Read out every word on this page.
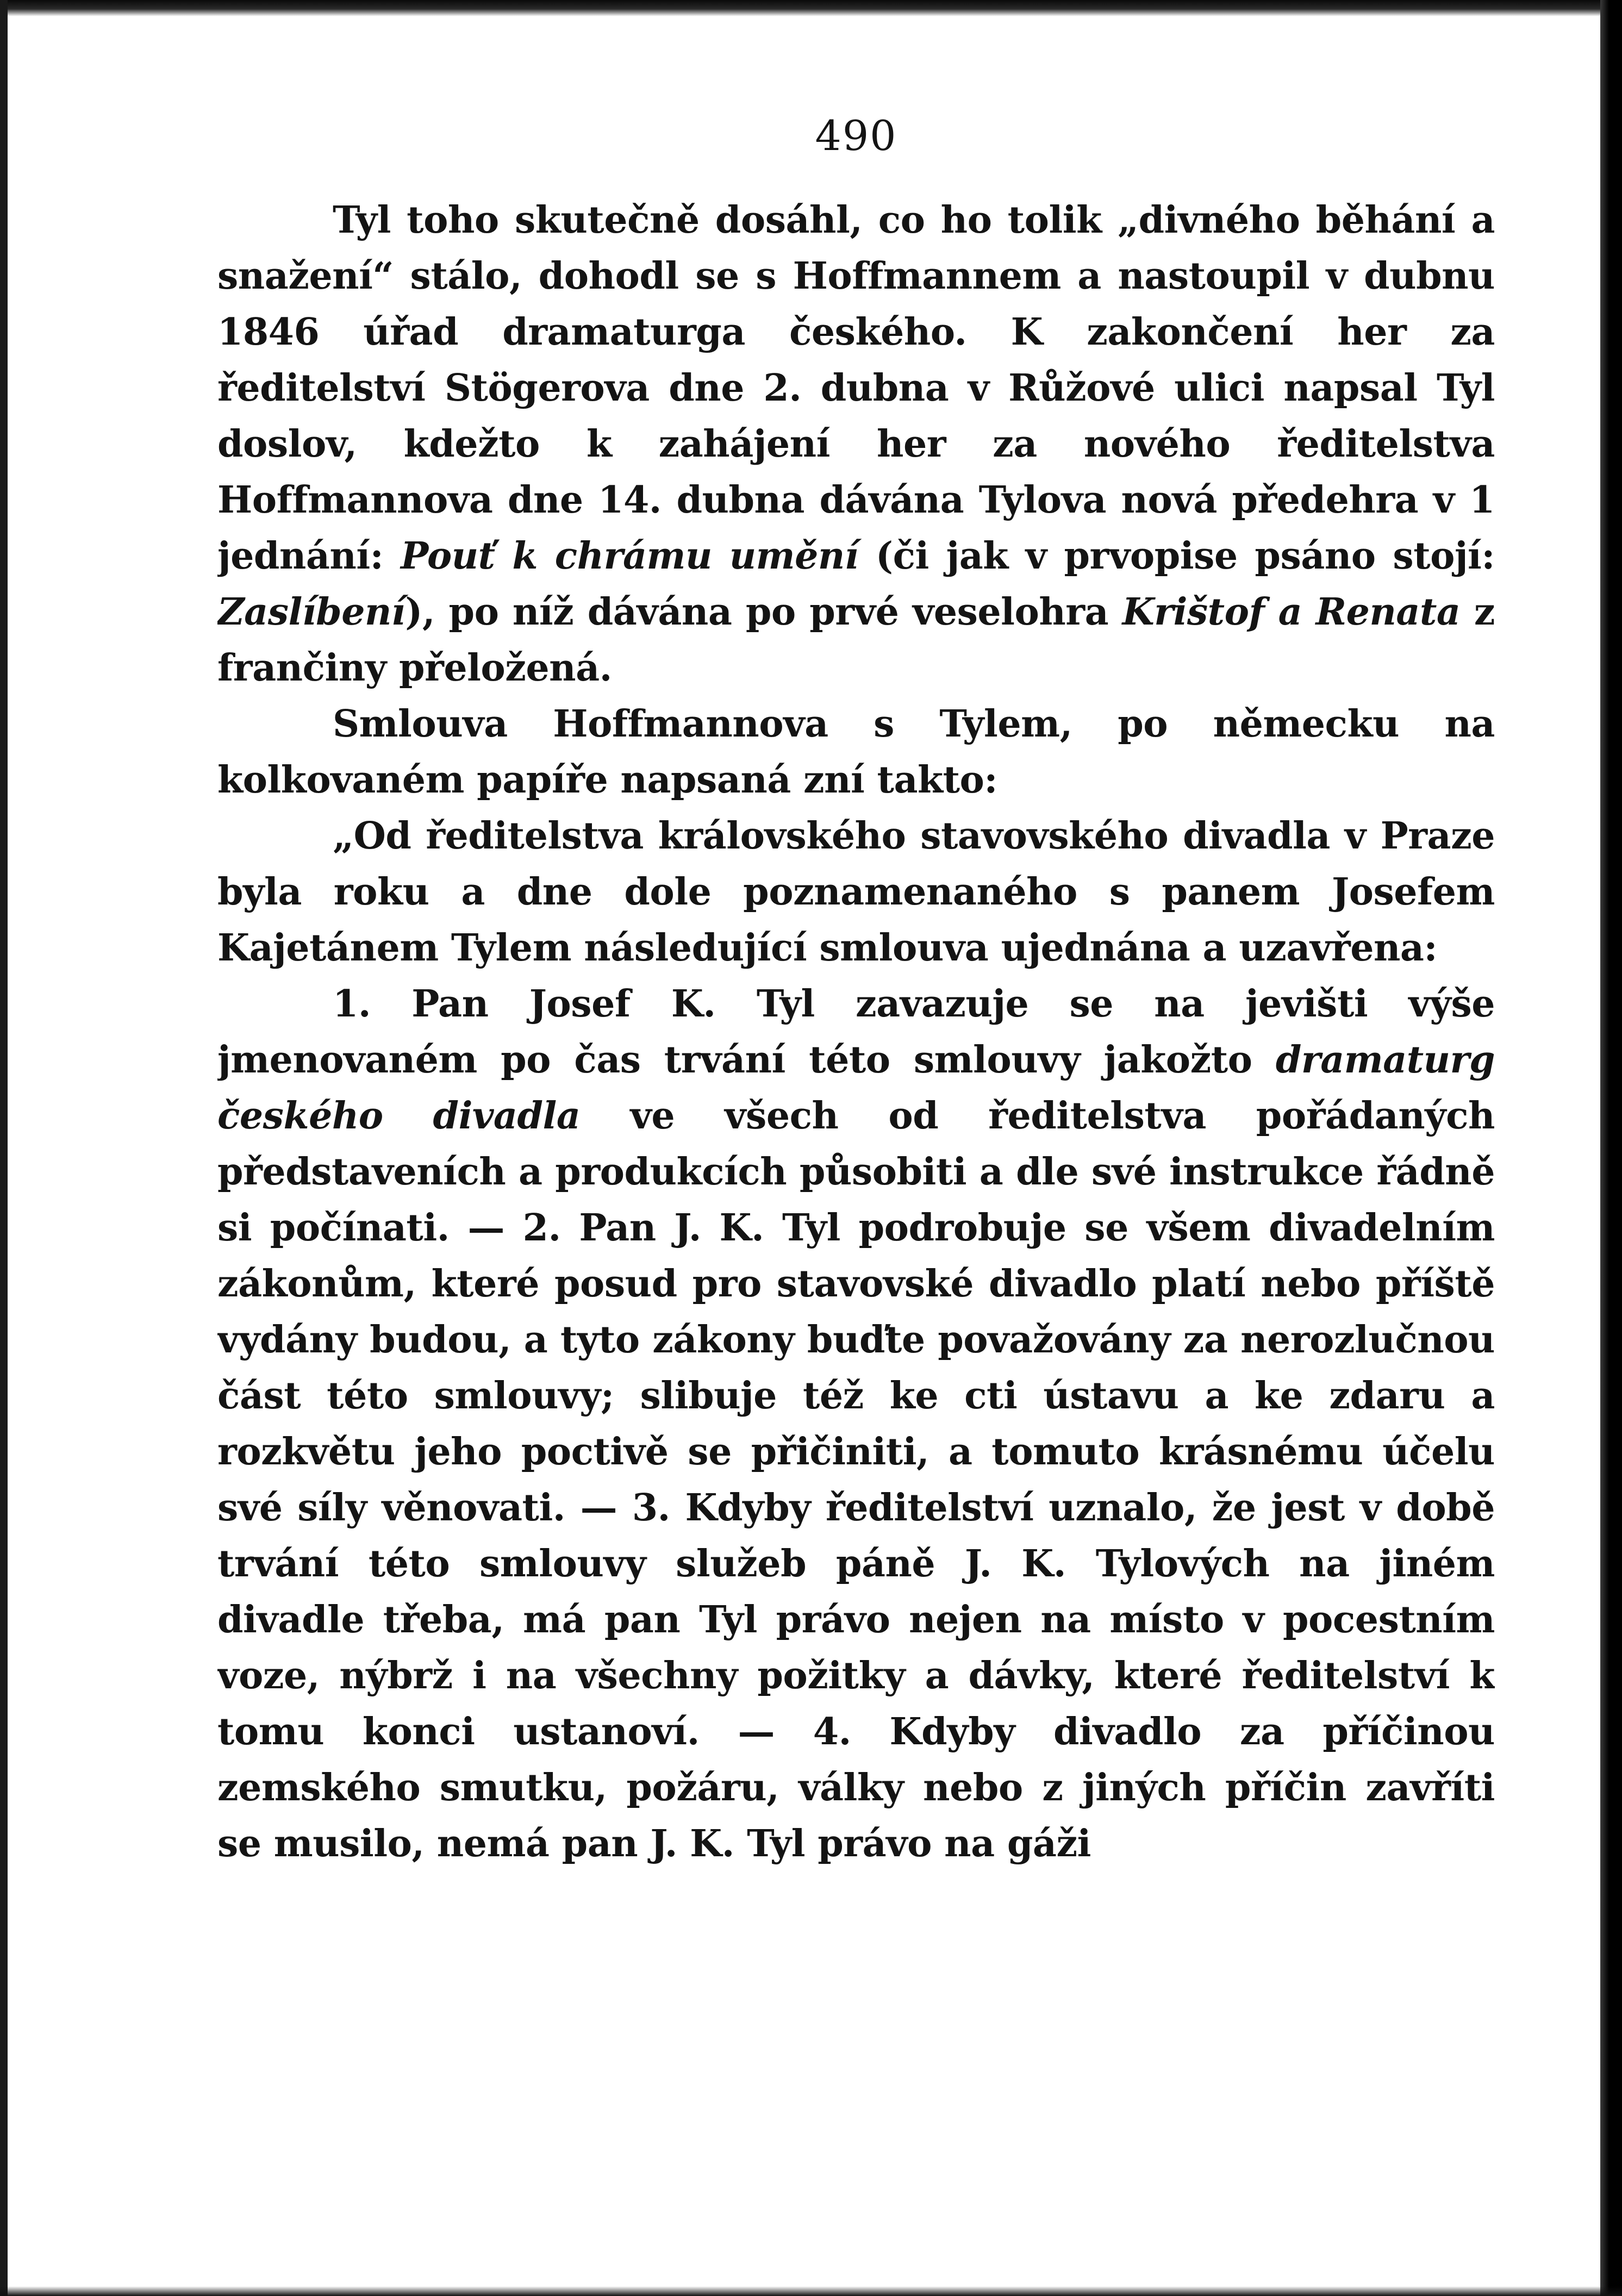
490

Tyl toho skutečně dosáhl, co ho tolik „divného běhání a snažení“ stálo, dohodl se s Hoffmannem a nastoupil v dubnu 1846 úřad dramaturga českého. K zakončení her za ředitelství Stögerova dne 2. dubna v Růžové ulici napsal Tyl doslov, kdežto k zahájení her za nového ředitelstva Hoffmannova dne 14. dubna dávána Tylova nová předehra v 1 jednání: Pouť k chrámu umění (či jak v prvopise psáno stojí: Zaslíbení), po níž dávána po prvé veselohra Krištof a Renata z frančiny přeložená.

Smlouva Hoffmannova s Tylem, po německu na kolkovaném papíře napsaná zní takto:

„Od ředitelstva královského stavovského divadla v Praze byla roku a dne dole poznamenaného s panem Josefem Kajetánem Tylem následující smlouva ujednána a uzavřena:

1. Pan Josef K. Tyl zavazuje se na jevišti výše jmenovaném po čas trvání této smlouvy jakožto dramaturg českého divadla ve všech od ředitelstva pořádaných představeních a produkcích působiti a dle své instrukce řádně si počínati. — 2. Pan J. K. Tyl podrobuje se všem divadelním zákonům, které posud pro stavovské divadlo platí nebo příště vydány budou, a tyto zákony buďte považovány za nerozlučnou část této smlouvy; slibuje též ke cti ústavu a ke zdaru a rozkvětu jeho poctivě se přičiniti, a tomuto krásnému účelu své síly věnovati. — 3. Kdyby ředitelství uznalo, že jest v době trvání této smlouvy služeb páně J. K. Tylových na jiném divadle třeba, má pan Tyl právo nejen na místo v pocestním voze, nýbrž i na všechny požitky a dávky, které ředitelství k tomu konci ustanoví. — 4. Kdyby divadlo za příčinou zemského smutku, požáru, války nebo z jiných příčin zavříti se musilo, nemá pan J. K. Tyl právo na gáži
